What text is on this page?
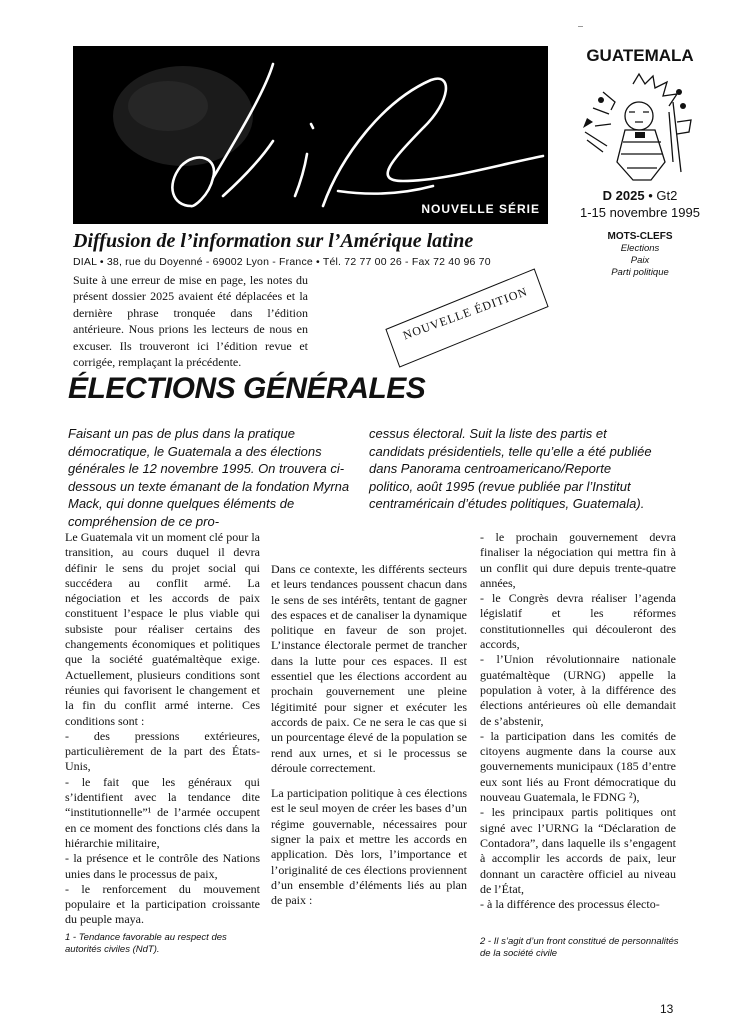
NOUVELLE SÉRIE
GUATEMALA
D 2025 • Gt2
1-15 novembre 1995
MOTS-CLEFS
Elections
Paix
Parti politique
Diffusion de l’information sur l’Amérique latine
DIAL • 38, rue du Doyenné - 69002 Lyon - France • Tél. 72 77 00 26 - Fax 72 40 96 70
Suite à une erreur de mise en page, les notes du présent dossier 2025 avaient été déplacées et la dernière phrase tronquée dans l’édition antérieure. Nous prions les lecteurs de nous en excuser. Ils trouveront ici l’édition revue et corrigée, remplaçant la précédente.
NOUVELLE ÉDITION
ÉLECTIONS GÉNÉRALES
Faisant un pas de plus dans la pratique démocratique, le Guatemala a des élections générales le 12 novembre 1995. On trouvera ci-dessous un texte émanant de la fondation Myrna Mack, qui donne quelques éléments de compréhension de ce pro-
cessus électoral. Suit la liste des partis et candidats présidentiels, telle qu’elle a été publiée dans Panorama centroamericano/Reporte politico, août 1995 (revue publiée par l’Institut centraméricain d’études politiques, Guatemala).

Le Guatemala vit un moment clé pour la transition, au cours duquel il devra définir le sens du projet social qui succédera au conflit armé. La négociation et les accords de paix constituent l’espace le plus viable qui subsiste pour réaliser certains des changements économiques et politiques que la société guatémaltèque exige. Actuellement, plusieurs conditions sont réunies qui favorisent le changement et la fin du conflit armé interne. Ces conditions sont :

- des pressions extérieures, particulièrement de la part des États-Unis,

- le fait que les généraux qui s’identifient avec la tendance dite “institutionnelle”¹ de l’armée occupent en ce moment des fonctions clés dans la hiérarchie militaire,

- la présence et le contrôle des Nations unies dans le processus de paix,

- le renforcement du mouvement populaire et la participation croissante du peuple maya.

Dans ce contexte, les différents secteurs et leurs tendances poussent chacun dans le sens de ses intérêts, tentant de gagner des espaces et de canaliser la dynamique politique en faveur de son projet. L’instance électorale permet de trancher dans la lutte pour ces espaces. Il est essentiel que les élections accordent au prochain gouvernement une pleine légitimité pour signer et exécuter les accords de paix. Ce ne sera le cas que si un pourcentage élevé de la population se rend aux urnes, et si le processus se déroule correctement.

La participation politique à ces élections est le seul moyen de créer les bases d’un régime gouvernable, nécessaires pour signer la paix et mettre les accords en application. Dès lors, l’importance et l’originalité de ces élections proviennent d’un ensemble d’éléments liés au plan de paix :

- le prochain gouvernement devra finaliser la négociation qui mettra fin à un conflit qui dure depuis trente-quatre années,

- le Congrès devra réaliser l’agenda législatif et les réformes constitutionnelles qui découleront des accords,

- l’Union révolutionnaire nationale guatémaltèque (URNG) appelle la population à voter, à la différence des élections antérieures où elle demandait de s’abstenir,

- la participation dans les comités de citoyens augmente dans la course aux gouvernements municipaux (185 d’entre eux sont liés au Front démocratique du nouveau Guatemala, le FDNG ²),

- les principaux partis politiques ont signé avec l’URNG la “Déclaration de Contadora”, dans laquelle ils s’engagent à accomplir les accords de paix, leur donnant un caractère officiel au niveau de l’État,

- à la différence des processus électo-

1 - Tendance favorable au respect des autorités civiles (NdT).
2 - Il s’agit d’un front constitué de personnalités de la société civile
13
